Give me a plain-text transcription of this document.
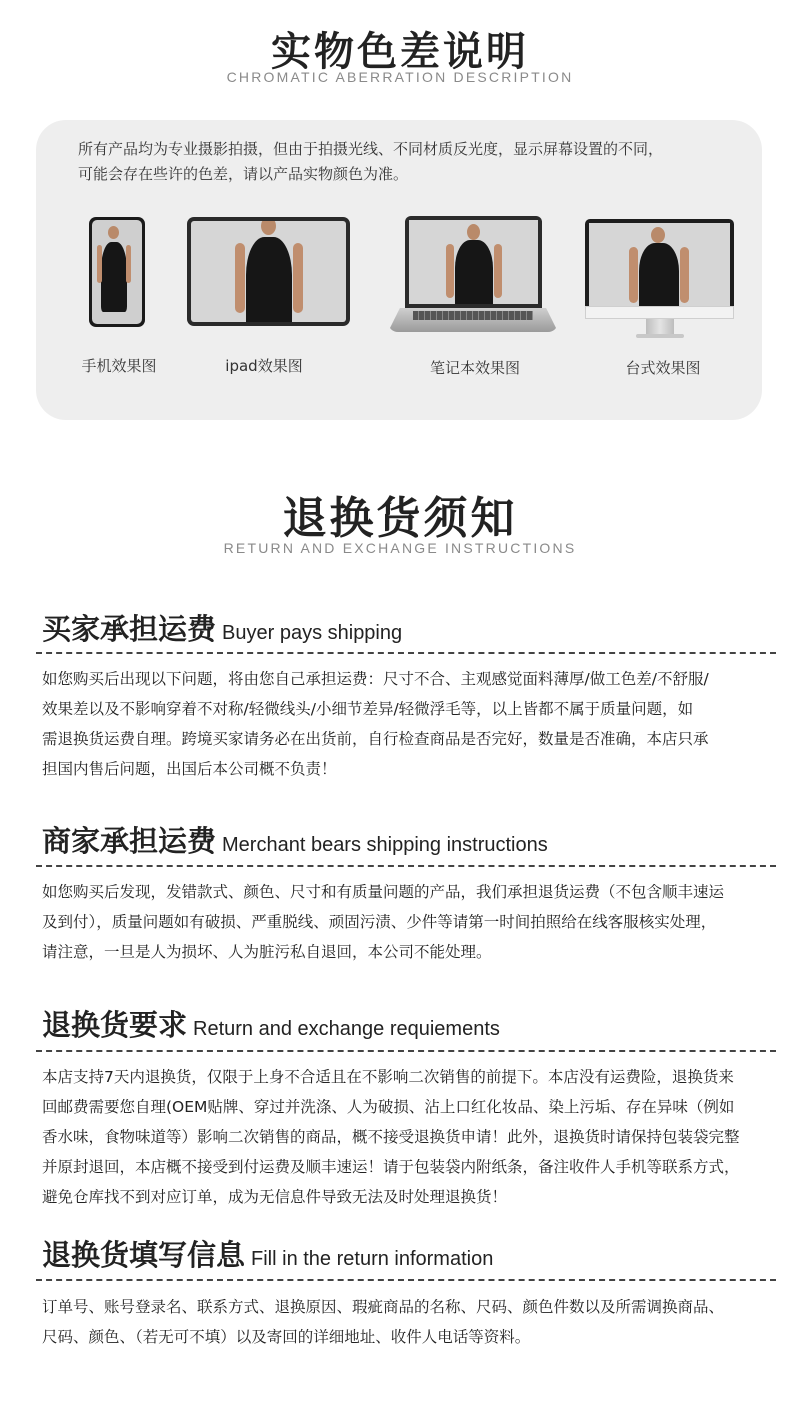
实物色差说明
CHROMATIC ABERRATION DESCRIPTION
所有产品均为专业摄影拍摄，但由于拍摄光线、不同材质反光度，显示屏幕设置的不同，
可能会存在些许的色差，请以产品实物颜色为准。
手机效果图	ipad效果图	笔记本效果图	台式效果图
退换货须知
RETURN AND EXCHANGE INSTRUCTIONS
买家承担运费 Buyer pays shipping
如您购买后出现以下问题，将由您自己承担运费：尺寸不合、主观感觉面料薄厚/做工色差/不舒服/
效果差以及不影响穿着不对称/轻微线头/小细节差异/轻微浮毛等，以上皆都不属于质量问题，如
需退换货运费自理。跨境买家请务必在出货前，自行检查商品是否完好，数量是否准确，本店只承
担国内售后问题，出国后本公司概不负责！
商家承担运费 Merchant bears shipping instructions
如您购买后发现，发错款式、颜色、尺寸和有质量问题的产品，我们承担退货运费（不包含顺丰速运
及到付），质量问题如有破损、严重脱线、顽固污渍、少件等请第一时间拍照给在线客服核实处理，
请注意，一旦是人为损坏、人为脏污私自退回，本公司不能处理。
退换货要求 Return and exchange requiements
本店支持7天内退换货，仅限于上身不合适且在不影响二次销售的前提下。本店没有运费险，退换货来
回邮费需要您自理(OEM贴牌、穿过并洗涤、人为破损、沾上口红化妆品、染上污垢、存在异味（例如
香水味，食物味道等）影响二次销售的商品，概不接受退换货申请！此外，退换货时请保持包装袋完整
并原封退回，本店概不接受到付运费及顺丰速运！请于包装袋内附纸条，备注收件人手机等联系方式，
避免仓库找不到对应订单，成为无信息件导致无法及时处理退换货！
退换货填写信息 Fill in the return information
订单号、账号登录名、联系方式、退换原因、瑕疵商品的名称、尺码、颜色件数以及所需调换商品、
尺码、颜色、（若无可不填）以及寄回的详细地址、收件人电话等资料。
